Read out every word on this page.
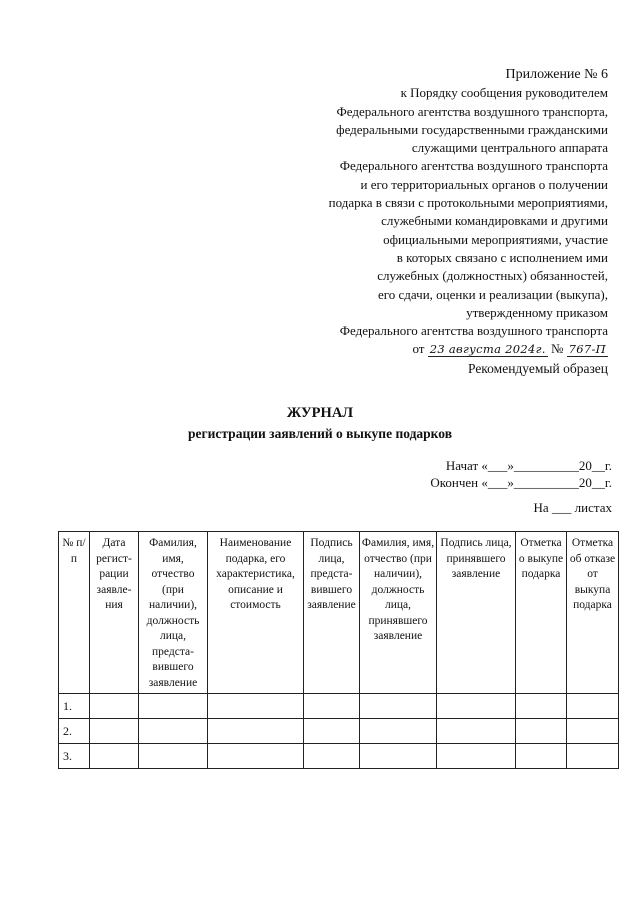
Приложение № 6
к Порядку сообщения руководителем
Федерального агентства воздушного транспорта,
федеральными государственными гражданскими
служащими центрального аппарата
Федерального агентства воздушного транспорта
и его территориальных органов о получении
подарка в связи с протокольными мероприятиями,
служебными командировками и другими
официальными мероприятиями, участие
в которых связано с исполнением ими
служебных (должностных) обязанностей,
его сдачи, оценки и реализации (выкупа),
утвержденному приказом
Федерального агентства воздушного транспорта
от 23 августа 2024г. № 767-П
Рекомендуемый образец
ЖУРНАЛ
регистрации заявлений о выкупе подарков
Начат «___»__________20__г.
Окончен «___»__________20__г.
На ___ листах
№ п/п	Дата регист-рации заявле-ния	Фамилия, имя, отчество (при наличии), должность лица, предста-вившего заявление	Наименование подарка, его характеристика, описание и стоимость	Подпись лица, предста-вившего заявление	Фамилия, имя, отчество (при наличии), должность лица, принявшего заявление	Подпись лица, принявшего заявление	Отметка о выкупе подарка	Отметка об отказе от выкупа подарка
1.								
2.								
3.								
